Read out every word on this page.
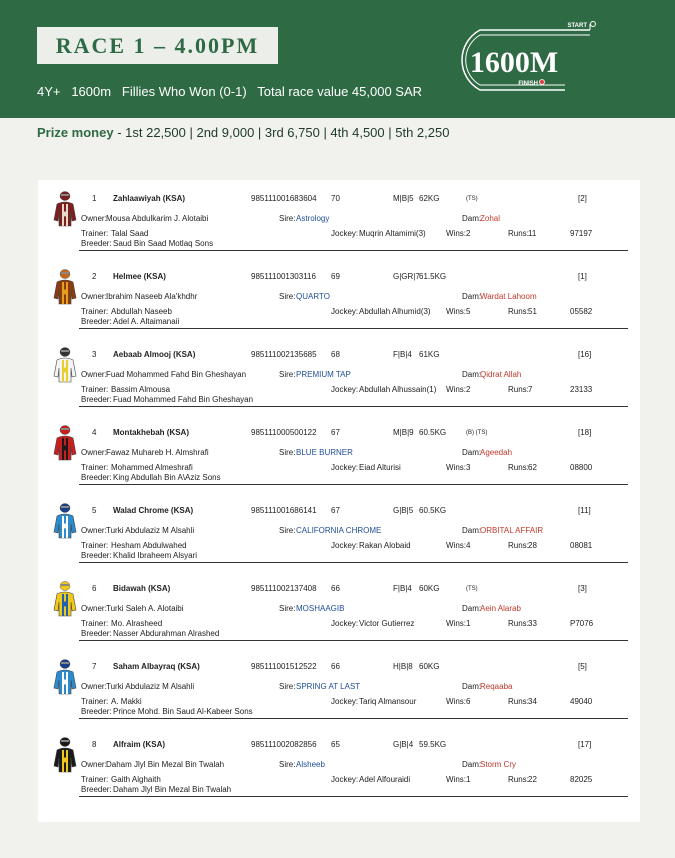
RACE 1 – 4.00PM
4Y+   1600m   Fillies Who Won (0-1)   Total race value 45,000 SAR
START
FINISH
1600M
Prize money - 1st 22,500 | 2nd 9,000 | 3rd 6,750 | 4th 4,500 | 5th 2,250
1 Zahlaawiyah (KSA)	985111001683604 70	M|B|5 62KG	(TS)	[2]
Owner: Mousa Abdulkarim J. Alotaibi	Sire: Astrology	Dam:
Zohal
Trainer: Talal Saad	Jockey: Muqrin Altamimi(3)	Wins: 2	Runs: 11	97197
Breeder: Saud Bin Saad Motlaq Sons
2 Helmee (KSA)	985111001303116 69	G|GR|7 61.5KG	[1]
Owner: Ibrahim Naseeb Ala'khdhr	Sire: QUARTO	Dam:
Wardat Lahoom
Trainer: Abdullah Naseeb	Jockey: Abdullah Alhumid(3) Wins: 5	Runs: 51	05582
Breeder: Adel A. Altaimanaii
3 Aebaab Almooj (KSA)	985111002135685 68	F|B|4 61KG	[16]
Owner: Fuad Mohammed Fahd Bin Gheshayan	Sire: PREMIUM TAP	Dam:
Qidrat Allah
Trainer: Bassim Almousa	Jockey: Abdullah Alhussain(1) Wins: 2	Runs: 7	23133
Breeder: Fuad Mohammed Fahd Bin Gheshayan
4 Montakhebah (KSA)	985111000500122 67	M|B|9 60.5KG	(B) (TS)	[18]
Owner: Fawaz Muhareb H. Almshrafi	Sire: BLUE BURNER	Dam:
Ageedah
Trainer: Mohammed Almeshrafi	Jockey: Eiad Alturisi	Wins: 3	Runs: 62	08800
Breeder: King Abdullah Bin A\Aziz Sons
5 Walad Chrome (KSA)	985111001686141 67	G|B|5 60.5KG	[11]
Owner: Turki Abdulaziz M Alsahli	Sire: CALIFORNIA CHROME	Dam:
ORBITAL AFFAIR
Trainer: Hesham Abdulwahed	Jockey: Rakan Alobaid	Wins: 4	Runs: 28	08081
Breeder: Khalid Ibraheem Alsyari
6 Bidawah (KSA)	985111002137408 66	F|B|4 60KG	(TS)	[3]
Owner: Turki Saleh A. Alotaibi	Sire: MOSHAAGIB	Dam:
Aein Alarab
Trainer: Mo. Alrasheed	Jockey: Victor Gutierrez	Wins: 1	Runs: 33	P7076
Breeder: Nasser Abdurahman Alrashed
7 Saham Albayraq (KSA)	985111001512522 66	H|B|8 60KG	[5]
Owner: Turki Abdulaziz M Alsahli	Sire: SPRING AT LAST	Dam:
Reqaaba
Trainer: A. Makki	Jockey: Tariq Almansour	Wins: 6	Runs: 34	49040
Breeder: Prince Mohd. Bin Saud Al-Kabeer Sons
8 Alfraim (KSA)	985111002082856 65	G|B|4 59.5KG	[17]
Owner: Daham Jlyl Bin Mezal Bin Twalah	Sire: Alsheeb	Dam:
Storm Cry
Trainer: Gaith Alghaith	Jockey: Adel Alfouraidi	Wins: 1	Runs: 22	82025
Breeder: Daham Jlyl Bin Mezal Bin Twalah
